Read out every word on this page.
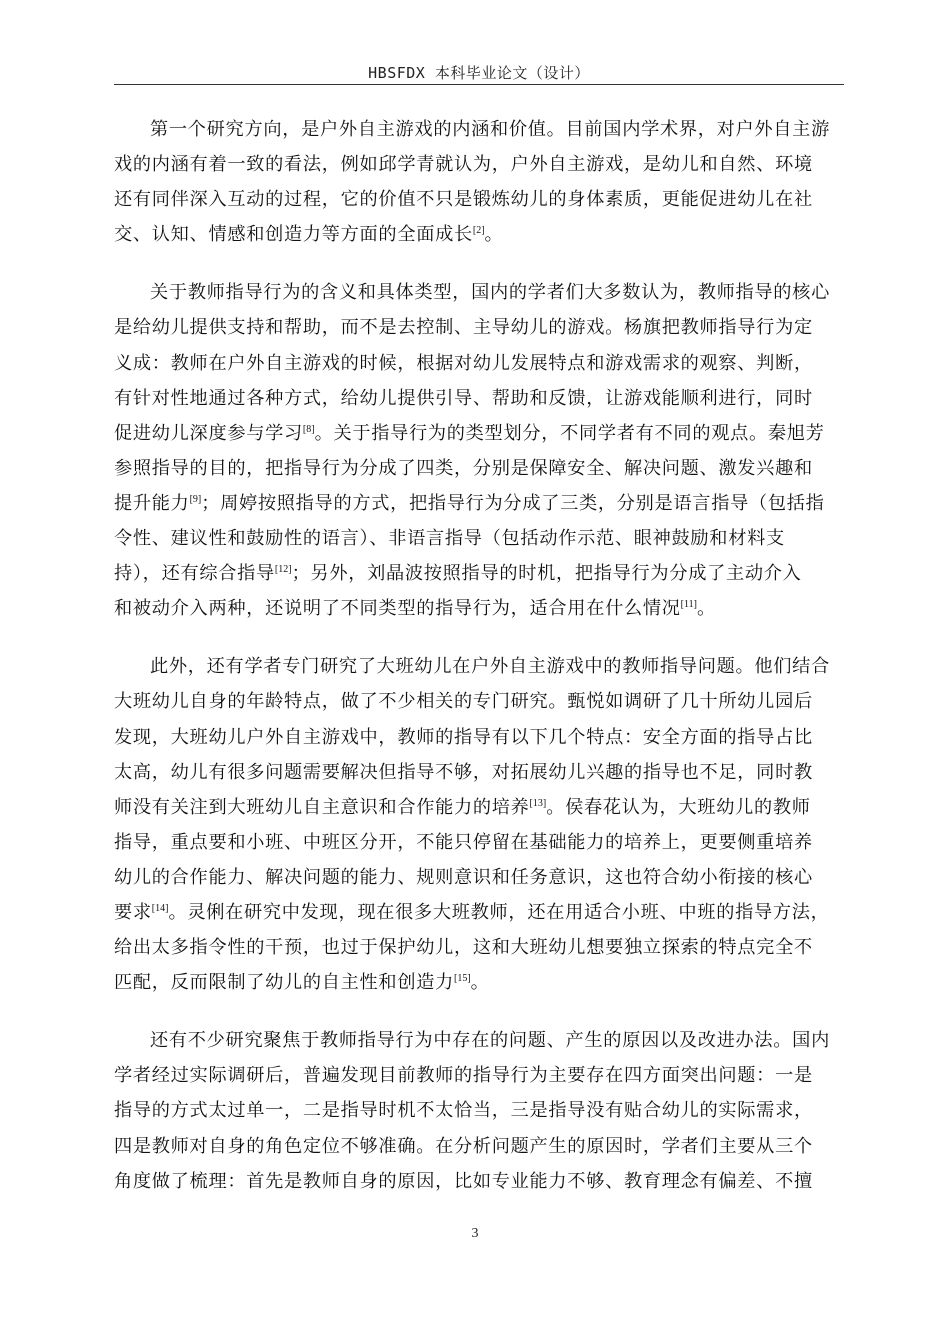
HBSFDX 本科毕业论文（设计）

第一个研究方向，是户外自主游戏的内涵和价值。目前国内学术界，对户外自主游
戏的内涵有着一致的看法，例如邱学青就认为，户外自主游戏，是幼儿和自然、环境
还有同伴深入互动的过程，它的价值不只是锻炼幼儿的身体素质，更能促进幼儿在社
交、认知、情感和创造力等方面的全面成长[2]。

关于教师指导行为的含义和具体类型，国内的学者们大多数认为，教师指导的核心
是给幼儿提供支持和帮助，而不是去控制、主导幼儿的游戏。杨旗把教师指导行为定
义成：教师在户外自主游戏的时候，根据对幼儿发展特点和游戏需求的观察、判断，
有针对性地通过各种方式，给幼儿提供引导、帮助和反馈，让游戏能顺利进行，同时
促进幼儿深度参与学习[8]。关于指导行为的类型划分，不同学者有不同的观点。秦旭芳
参照指导的目的，把指导行为分成了四类，分别是保障安全、解决问题、激发兴趣和
提升能力[9]；周婷按照指导的方式，把指导行为分成了三类，分别是语言指导（包括指
令性、建议性和鼓励性的语言）、非语言指导（包括动作示范、眼神鼓励和材料支
持），还有综合指导[12]；另外，刘晶波按照指导的时机，把指导行为分成了主动介入
和被动介入两种，还说明了不同类型的指导行为，适合用在什么情况[11]。

此外，还有学者专门研究了大班幼儿在户外自主游戏中的教师指导问题。他们结合
大班幼儿自身的年龄特点，做了不少相关的专门研究。甄悦如调研了几十所幼儿园后
发现，大班幼儿户外自主游戏中，教师的指导有以下几个特点：安全方面的指导占比
太高，幼儿有很多问题需要解决但指导不够，对拓展幼儿兴趣的指导也不足，同时教
师没有关注到大班幼儿自主意识和合作能力的培养[13]。侯春花认为，大班幼儿的教师
指导，重点要和小班、中班区分开，不能只停留在基础能力的培养上，更要侧重培养
幼儿的合作能力、解决问题的能力、规则意识和任务意识，这也符合幼小衔接的核心
要求[14]。灵俐在研究中发现，现在很多大班教师，还在用适合小班、中班的指导方法，
给出太多指令性的干预，也过于保护幼儿，这和大班幼儿想要独立探索的特点完全不
匹配，反而限制了幼儿的自主性和创造力[15]。

还有不少研究聚焦于教师指导行为中存在的问题、产生的原因以及改进办法。国内
学者经过实际调研后，普遍发现目前教师的指导行为主要存在四方面突出问题：一是
指导的方式太过单一，二是指导时机不太恰当，三是指导没有贴合幼儿的实际需求，
四是教师对自身的角色定位不够准确。在分析问题产生的原因时，学者们主要从三个
角度做了梳理：首先是教师自身的原因，比如专业能力不够、教育理念有偏差、不擅

3
